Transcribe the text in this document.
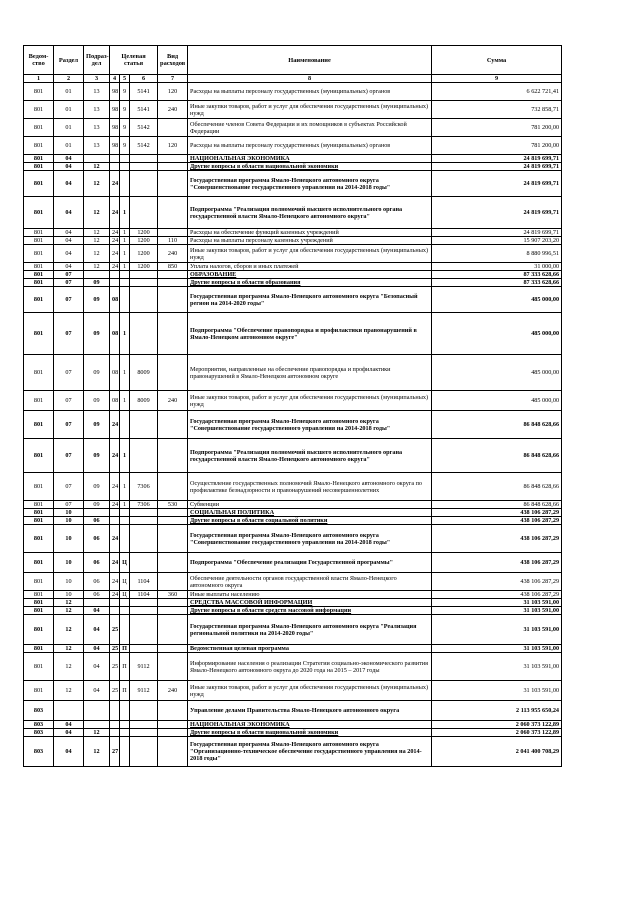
Ведом-ство	Раздел	Подраз-дел	Целевая статья			Вид расходов	Наименование	Сумма
1	2	3	4	5	6	7	8	9
801	01	13	98	9	5141	120	Расходы на выплаты персоналу государственных (муниципальных) органов	6 622 721,41
801	01	13	98	9	5141	240	Иные закупки товаров, работ и услуг для обеспечения государственных (муниципальных) нужд	732 858,71
801	01	13	98	9	5142		Обеспечение членов Совета Федерации и их помощников в субъектах Российской Федерации	781 200,00
801	01	13	98	9	5142	120	Расходы на выплаты персоналу государственных (муниципальных) органов	781 200,00
801	04						НАЦИОНАЛЬНАЯ ЭКОНОМИКА	24 819 699,71
801	04	12					Другие вопросы в области национальной экономики	24 819 699,71
801	04	12	24				Государственная программа Ямало-Ненецкого автономного округа "Совершенствование государственного управления на 2014-2018 годы"	24 819 699,71
801	04	12	24	1			Подпрограмма "Реализация полномочий высшего исполнительного органа государственной власти Ямало-Ненецкого автономного округа"	24 819 699,71
801	04	12	24	1	1200		Расходы на обеспечение функций казенных учреждений	24 819 699,71
801	04	12	24	1	1200	110	Расходы на выплаты персоналу казенных учреждений	15 907 203,20
801	04	12	24	1	1200	240	Иные закупки товаров, работ и услуг для обеспечения государственных (муниципальных) нужд	8 880 996,51
801	04	12	24	1	1200	850	Уплата налогов, сборов и иных платежей	31 000,00
801	07						ОБРАЗОВАНИЕ	87 333 628,66
801	07	09					Другие вопросы в области образования	87 333 628,66
801	07	09	08				Государственная программа Ямало-Ненецкого автономного округа "Безопасный регион на 2014-2020 годы"	485 000,00
801	07	09	08	1			Подпрограмма "Обеспечение правопорядка и профилактики правонарушений в Ямало-Ненецком автономном округе"	485 000,00
801	07	09	08	1	8009		Мероприятия, направленные на обеспечение правопорядка и профилактики правонарушений в Ямало-Ненецком автономном округе	485 000,00
801	07	09	08	1	8009	240	Иные закупки товаров, работ и услуг для обеспечения государственных (муниципальных) нужд	485 000,00
801	07	09	24				Государственная программа Ямало-Ненецкого автономного округа "Совершенствование государственного управления на 2014-2018 годы"	86 848 628,66
801	07	09	24	1			Подпрограмма "Реализация полномочий высшего исполнительного органа государственной власти Ямало-Ненецкого автономного округа"	86 848 628,66
801	07	09	24	1	7306		Осуществление государственных полномочий Ямало-Ненецкого автономного округа по профилактике безнадзорности и правонарушений несовершеннолетних	86 848 628,66
801	07	09	24	1	7306	530	Субвенции	86 848 628,66
801	10						СОЦИАЛЬНАЯ ПОЛИТИКА	438 106 287,29
801	10	06					Другие вопросы в области социальной политики	438 106 287,29
801	10	06	24				Государственная программа Ямало-Ненецкого автономного округа "Совершенствование государственного управления на 2014-2018 годы"	438 106 287,29
801	10	06	24	Ц			Подпрограмма "Обеспечение реализации Государственной программы"	438 106 287,29
801	10	06	24	Ц	1104		Обеспечение деятельности органов государственной власти Ямало-Ненецкого автономного округа	438 106 287,29
801	10	06	24	Ц	1104	360	Иные выплаты населению	438 106 287,29
801	12						СРЕДСТВА МАССОВОЙ ИНФОРМАЦИИ	31 103 591,00
801	12	04					Другие вопросы в области средств массовой информации	31 103 591,00
801	12	04	25				Государственная программа Ямало-Ненецкого автономного округа "Реализация региональной политики на 2014-2020 годы"	31 103 591,00
801	12	04	25	П			Ведомственная целевая программа	31 103 591,00
801	12	04	25	П	9112		Информирование населения о реализации Стратегии социально-экономического развития Ямало-Ненецкого автономного округа до 2020 года на 2015 – 2017 годы	31 103 591,00
801	12	04	25	П	9112	240	Иные закупки товаров, работ и услуг для обеспечения государственных (муниципальных) нужд	31 103 591,00
803							Управление делами Правительства Ямало-Ненецкого автономного округа	2 113 955 650,24
803	04						НАЦИОНАЛЬНАЯ ЭКОНОМИКА	2 060 373 122,89
803	04	12					Другие вопросы в области национальной экономики	2 060 373 122,89
803	04	12	27				Государственная программа Ямало-Ненецкого автономного округа "Организационно-техническое обеспечение государственного управления на 2014-2018 годы"	2 041 400 708,29
